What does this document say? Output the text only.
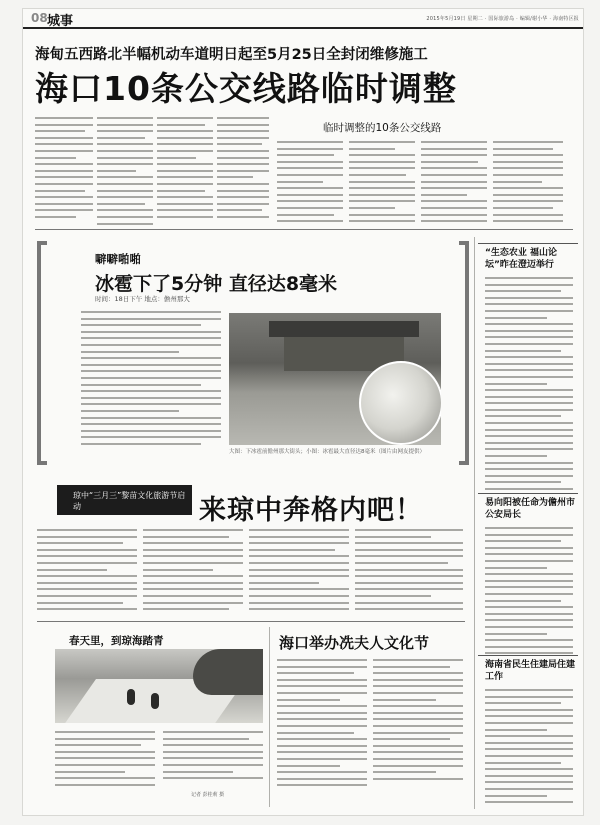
08 城事	2015年5月19日 星期二 · 国际旅游岛 · 编辑/谢小华 · 海南特区报
海甸五西路北半幅机动车道明日起至5月25日全封闭维修施工
海口10条公交线路临时调整
临时调整的10条公交线路
噼噼啪啪
冰雹下了5分钟 直径达8毫米
时间：18日下午 地点：儋州那大
大图：下冰雹前儋州那大街头；小图：冰雹最大直径达8毫米（图片由网友提供）
“生态农业 福山论坛”昨在澄迈举行
易向阳被任命为儋州市公安局长
海南省民生住建局住建工作
琼中“三月三”黎苗文化旅游节启动	来琼中奔格内吧！
春天里，到琼海踏青
记者 彭桂莉 摄
海口举办冼夫人文化节
